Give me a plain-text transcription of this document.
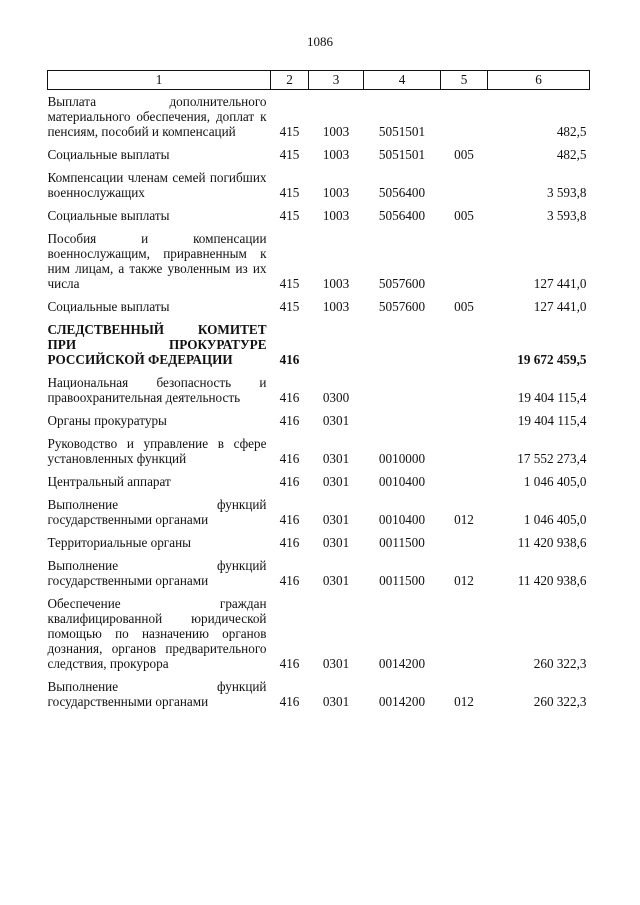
1086
1	2	3	4	5	6
Выплата дополнительного материального обеспечения, доплат к пенсиям, пособий и компенсаций	415	1003	5051501		482,5
Социальные выплаты	415	1003	5051501	005	482,5
Компенсации членам семей погибших военнослужащих	415	1003	5056400		3 593,8
Социальные выплаты	415	1003	5056400	005	3 593,8
Пособия и компенсации военнослужащим, приравненным к ним лицам, а также уволенным из их числа	415	1003	5057600		127 441,0
Социальные выплаты	415	1003	5057600	005	127 441,0
СЛЕДСТВЕННЫЙ КОМИТЕТ ПРИ ПРОКУРАТУРЕ РОССИЙСКОЙ ФЕДЕРАЦИИ	416				19 672 459,5
Национальная безопасность и правоохранительная деятельность	416	0300			19 404 115,4
Органы прокуратуры	416	0301			19 404 115,4
Руководство и управление в сфере установленных функций	416	0301	0010000		17 552 273,4
Центральный аппарат	416	0301	0010400		1 046 405,0
Выполнение функций государственными органами	416	0301	0010400	012	1 046 405,0
Территориальные органы	416	0301	0011500		11 420 938,6
Выполнение функций государственными органами	416	0301	0011500	012	11 420 938,6
Обеспечение граждан квалифицированной юридической помощью по назначению органов дознания, органов предварительного следствия, прокурора	416	0301	0014200		260 322,3
Выполнение функций государственными органами	416	0301	0014200	012	260 322,3
